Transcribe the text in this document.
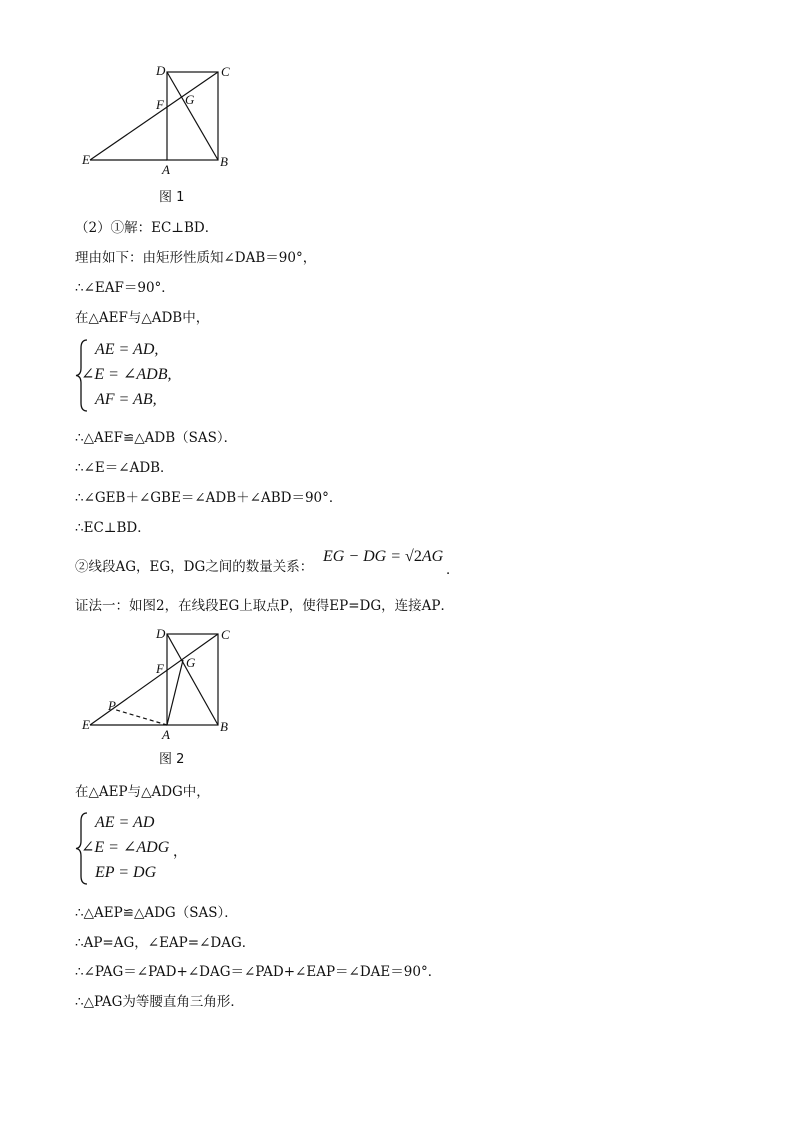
D	C
F G
E
A
B
图 1
（2）①解：EC⊥BD．
理由如下：由矩形性质知∠DAB＝90°，
∴∠EAF＝90°．
在△AEF与△ADB中，
AE = AD,
∠E = ∠ADB,
AF = AB,
∴△AEF≌△ADB（SAS）．
∴∠E＝∠ADB．
∴∠GEB＋∠GBE＝∠ADB＋∠ABD＝90°．
∴EC⊥BD．
②线段AG，EG，DG之间的数量关系：
EG − DG = √2AG
．
证法一：如图2，在线段EG上取点P，使得EP=DG，连接AP．
D	C
F G
P
E
A
B
图 2
在△AEP与△ADG中，
AE = AD
∠E = ∠ADG
EP = DG
，
∴△AEP≌△ADG（SAS）．
∴AP=AG，∠EAP=∠DAG．
∴∠PAG＝∠PAD+∠DAG＝∠PAD+∠EAP＝∠DAE＝90°．
∴△PAG为等腰直角三角形．
